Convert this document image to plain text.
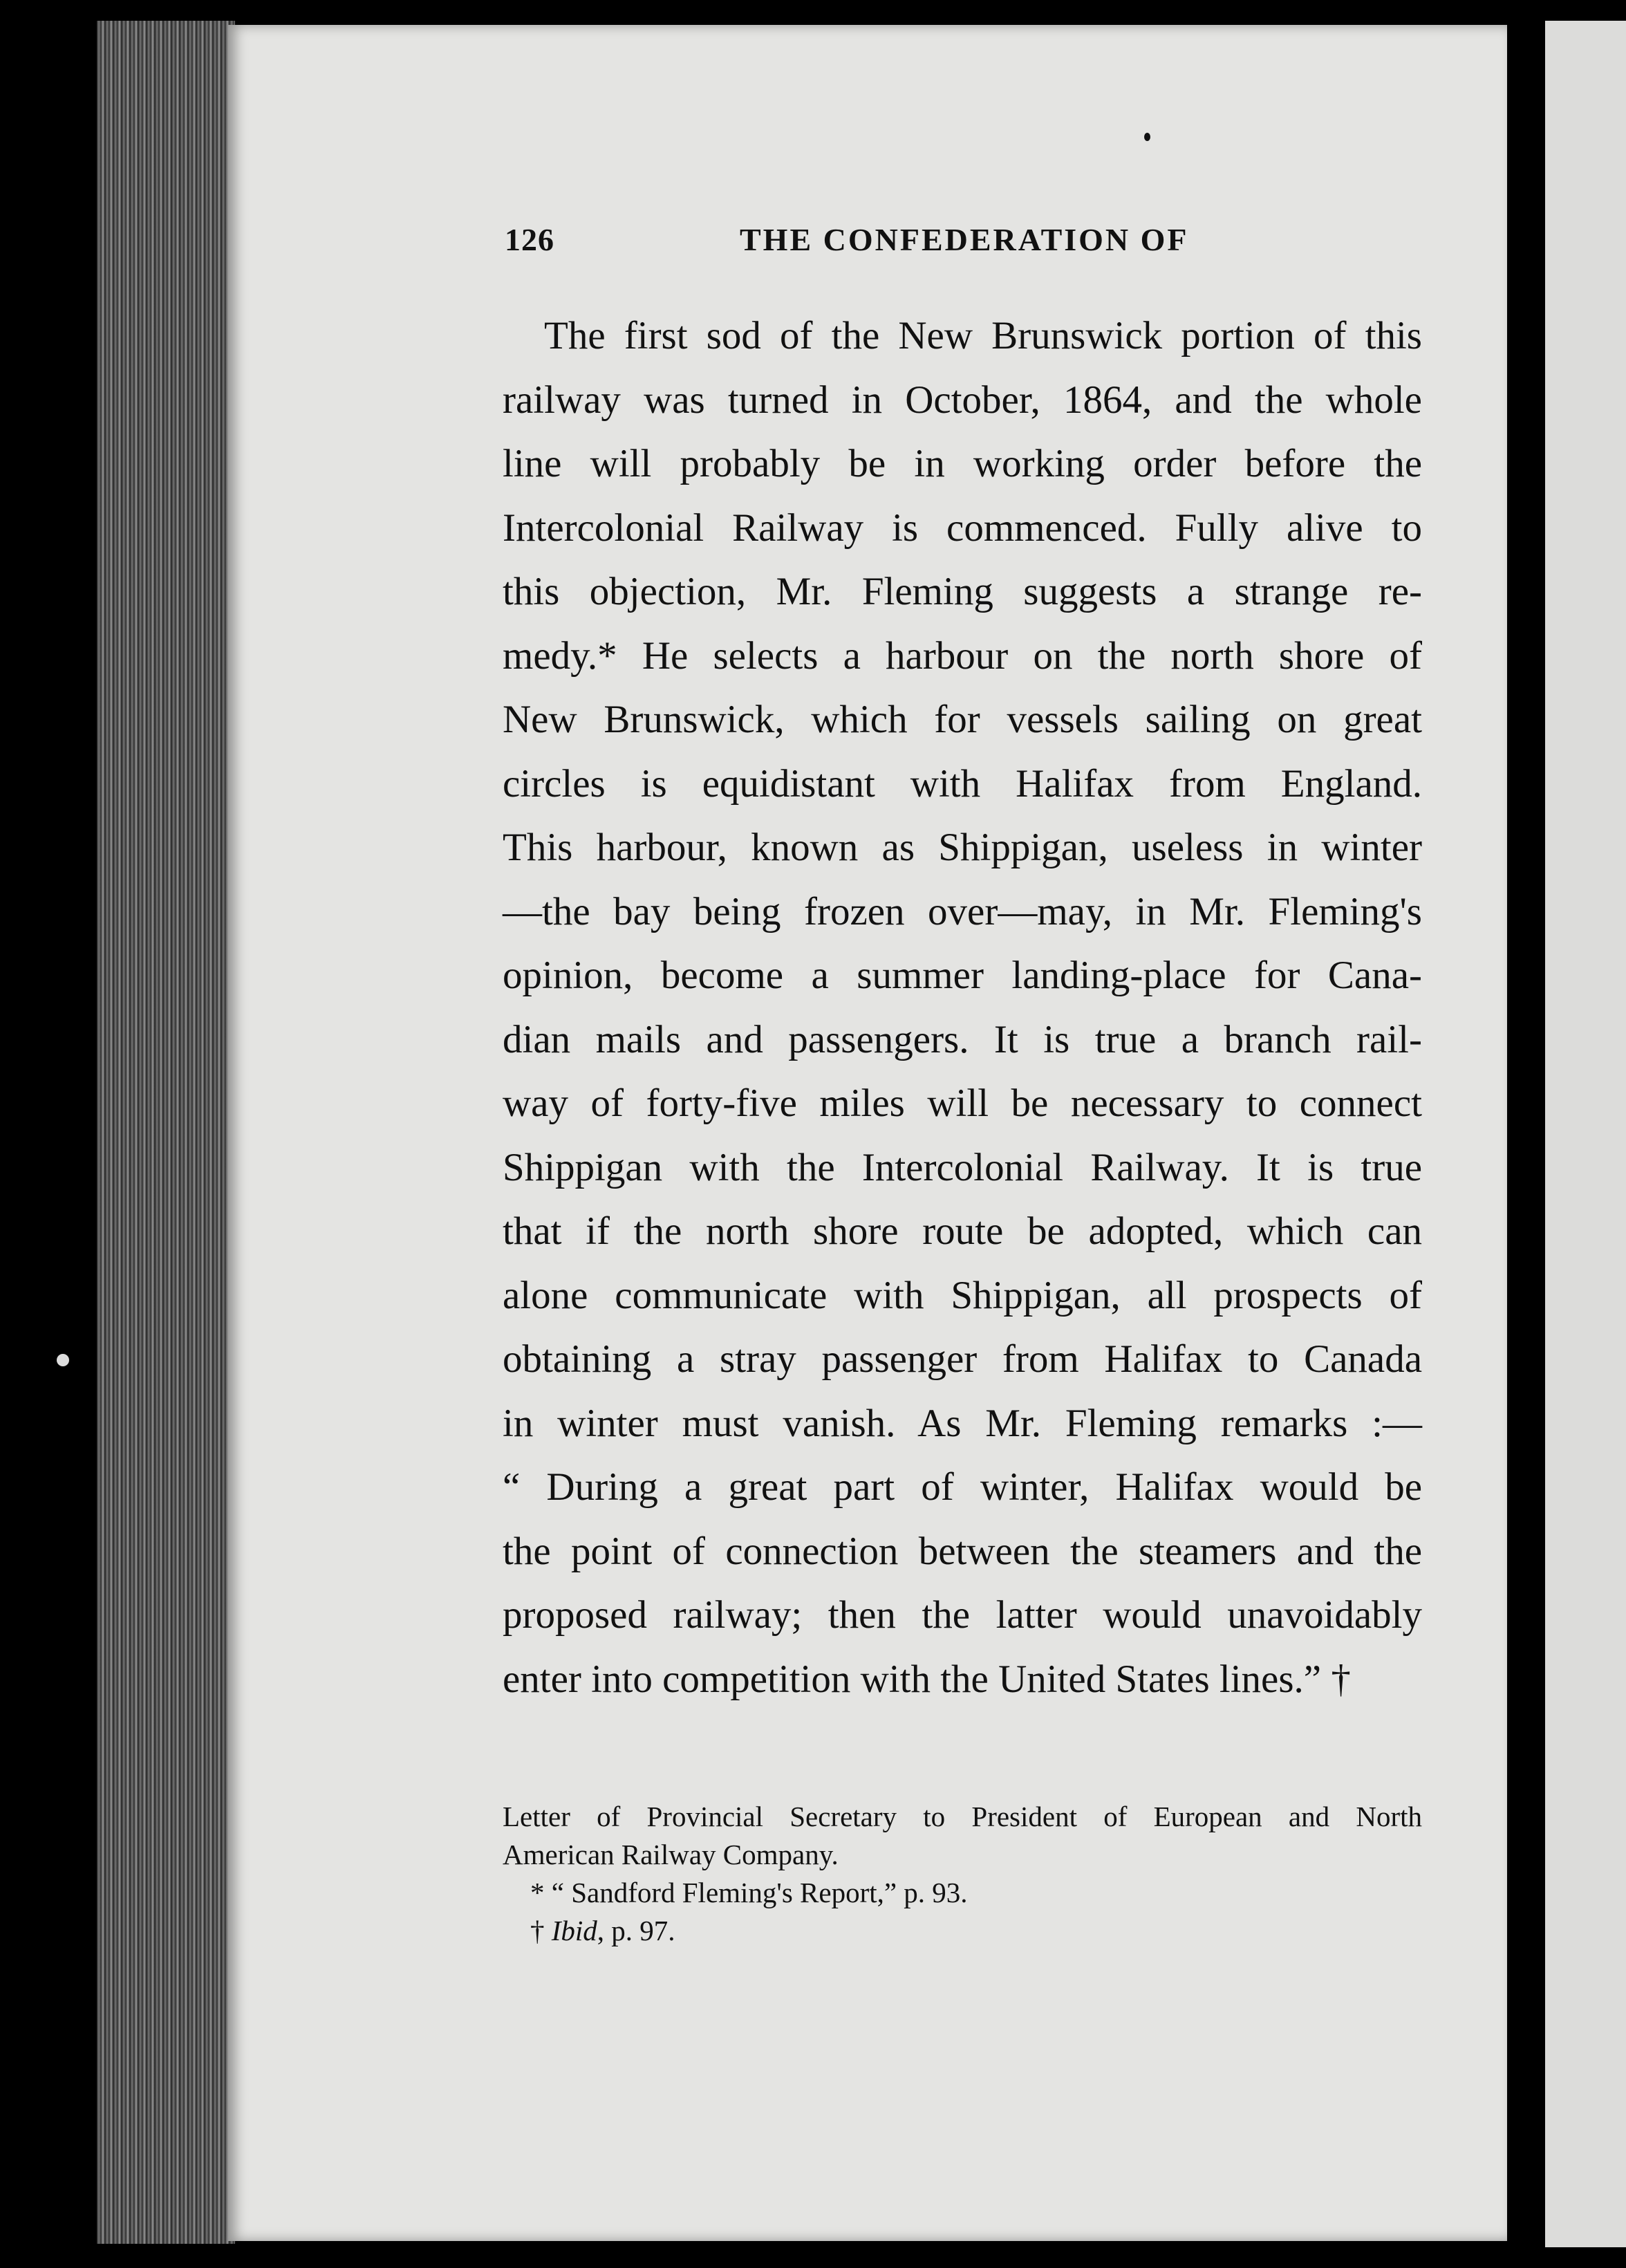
126	THE CONFEDERATION OF
The first sod of the New Brunswick portion of this
railway was turned in October, 1864, and the whole
line will probably be in working order before the
Intercolonial Railway is commenced. Fully alive to
this objection, Mr. Fleming suggests a strange re-
medy.* He selects a harbour on the north shore of
New Brunswick, which for vessels sailing on great
circles is equidistant with Halifax from England.
This harbour, known as Shippigan, useless in winter
—the bay being frozen over—may, in Mr. Fleming's
opinion, become a summer landing-place for Cana-
dian mails and passengers. It is true a branch rail-
way of forty-five miles will be necessary to connect
Shippigan with the Intercolonial Railway. It is true
that if the north shore route be adopted, which can
alone communicate with Shippigan, all prospects of
obtaining a stray passenger from Halifax to Canada
in winter must vanish. As Mr. Fleming remarks :—
“ During a great part of winter, Halifax would be
the point of connection between the steamers and the
proposed railway; then the latter would unavoidably
enter into competition with the United States lines.” †
Letter of Provincial Secretary to President of European and North
American Railway Company.
* “ Sandford Fleming's Report,” p. 93.
† Ibid, p. 97.
